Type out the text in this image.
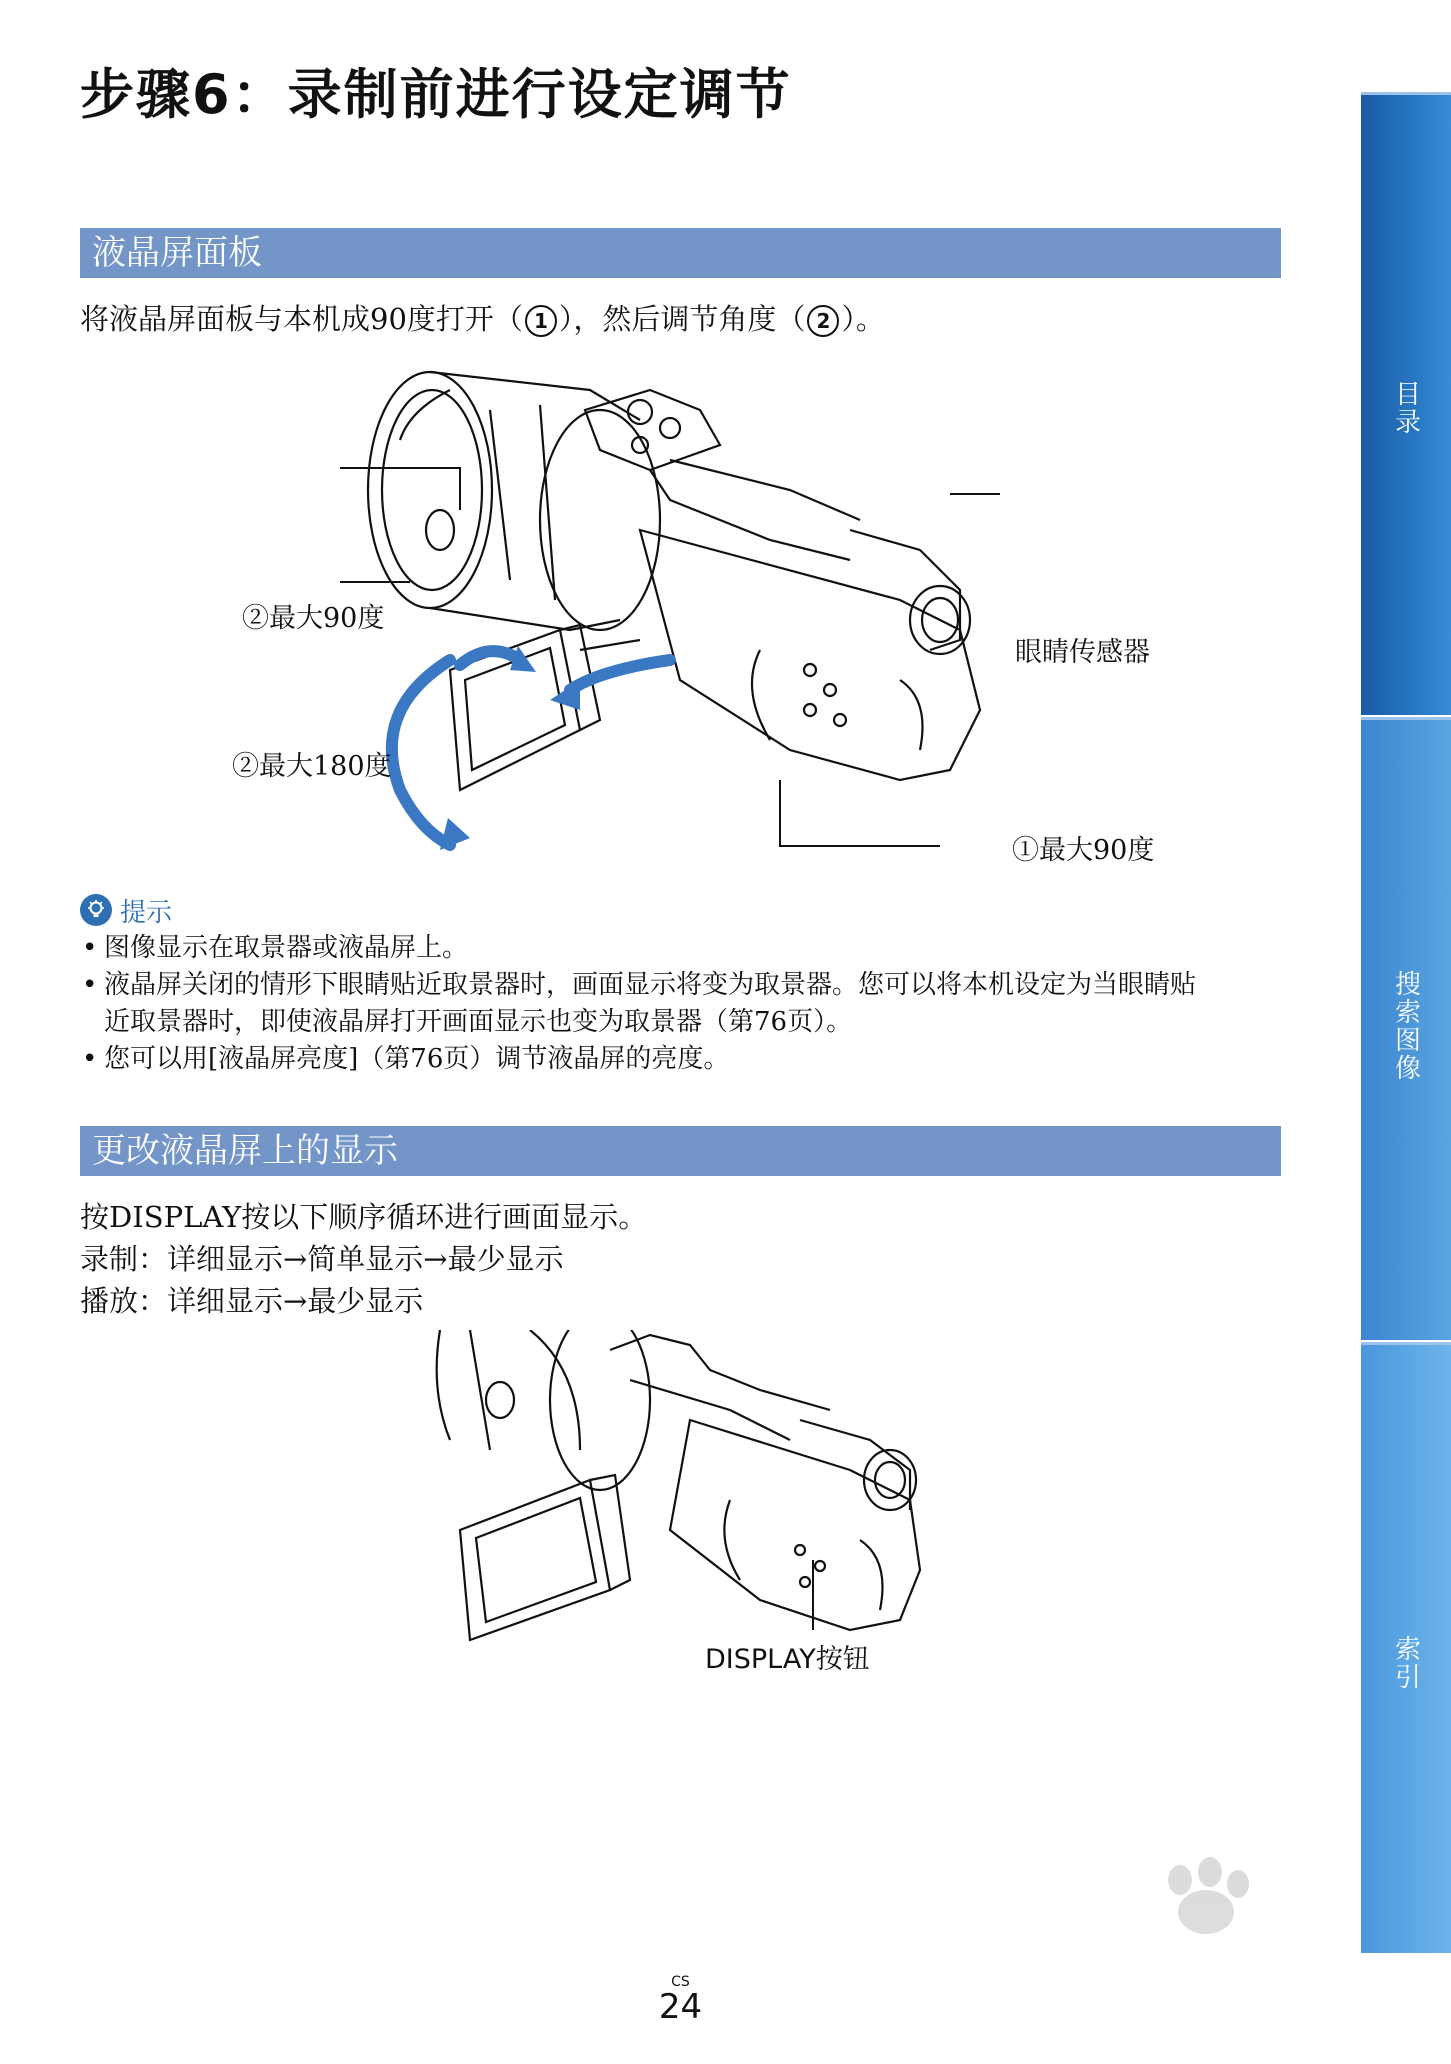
步骤6：录制前进行设定调节
液晶屏面板

将液晶屏面板与本机成90度打开（ 1 ），然后调节角度（ 2 ）。

②最大90度
②最大180度
眼睛传感器
①最大90度
提示
• 图像显示在取景器或液晶屏上。
• 液晶屏关闭的情形下眼睛贴近取景器时，画面显示将变为取景器。您可以将本机设定为当眼睛贴
近取景器时，即使液晶屏打开画面显示也变为取景器（第76页）。
• 您可以用[液晶屏亮度]（第76页）调节液晶屏的亮度。
更改液晶屏上的显示

按DISPLAY按以下顺序循环进行画面显示。

录制：详细显示→简单显示→最少显示

播放：详细显示→最少显示

DISPLAY按钮
目录
搜索图像
索引
CS
24
